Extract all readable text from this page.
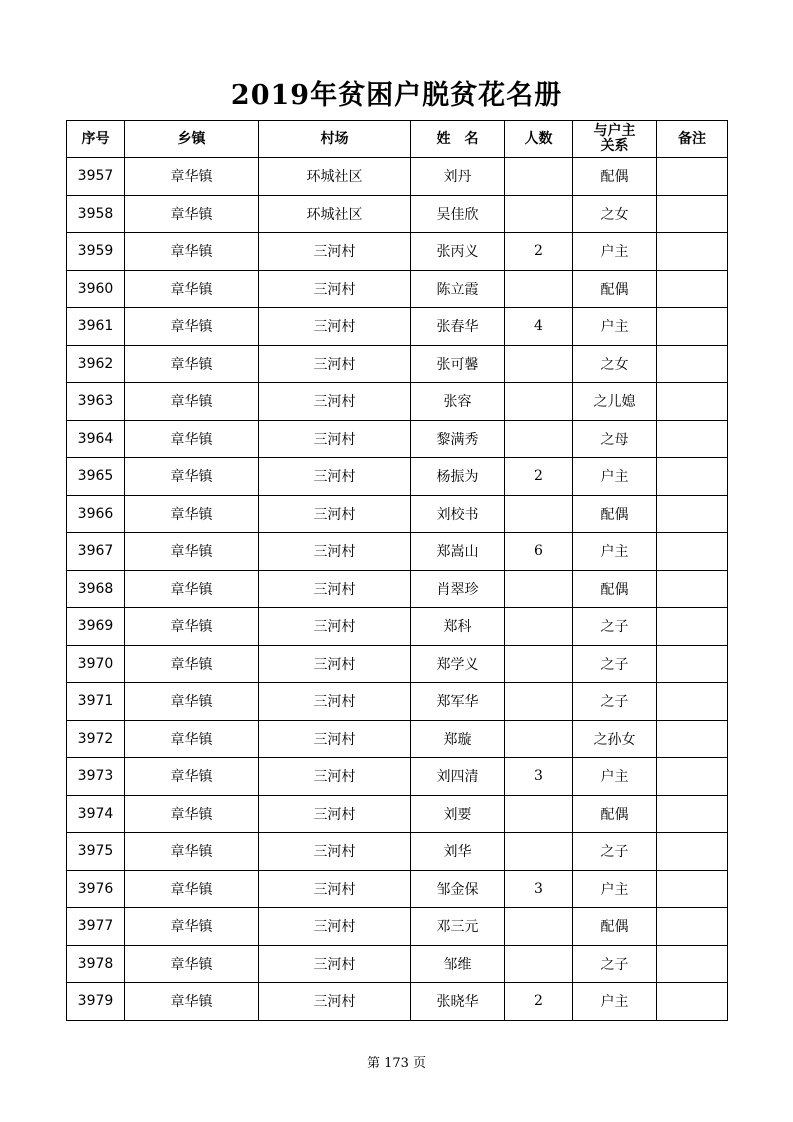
2019年贫困户脱贫花名册
序号	乡镇	村场	姓　名	人数	与户主关系	备注
3957	章华镇	环城社区	刘丹		配偶	
3958	章华镇	环城社区	吴佳欣		之女	
3959	章华镇	三河村	张丙义	2	户主	
3960	章华镇	三河村	陈立霞		配偶	
3961	章华镇	三河村	张春华	4	户主	
3962	章华镇	三河村	张可馨		之女	
3963	章华镇	三河村	张容		之儿媳	
3964	章华镇	三河村	黎满秀		之母	
3965	章华镇	三河村	杨振为	2	户主	
3966	章华镇	三河村	刘校书		配偶	
3967	章华镇	三河村	郑嵩山	6	户主	
3968	章华镇	三河村	肖翠珍		配偶	
3969	章华镇	三河村	郑科		之子	
3970	章华镇	三河村	郑学义		之子	
3971	章华镇	三河村	郑军华		之子	
3972	章华镇	三河村	郑璇		之孙女	
3973	章华镇	三河村	刘四清	3	户主	
3974	章华镇	三河村	刘要		配偶	
3975	章华镇	三河村	刘华		之子	
3976	章华镇	三河村	邹金保	3	户主	
3977	章华镇	三河村	邓三元		配偶	
3978	章华镇	三河村	邹维		之子	
3979	章华镇	三河村	张晓华	2	户主	
第 173 页
